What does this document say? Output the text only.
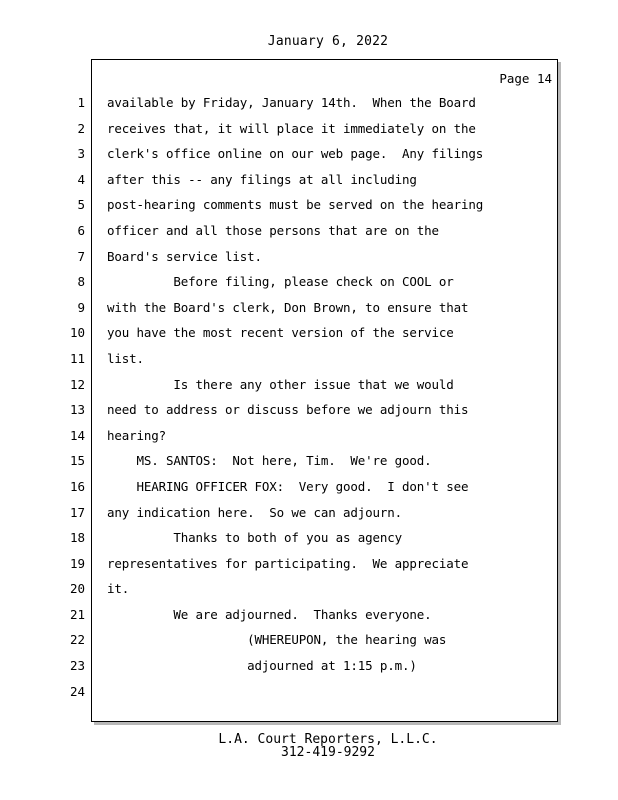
January 6, 2022
Page 14
1
2
3
4
5
6
7
8
9
10
11
12
13
14
15
16
17
18
19
20
21
22
23
24
available by Friday, January 14th.  When the Board
receives that, it will place it immediately on the
clerk's office online on our web page.  Any filings
after this -- any filings at all including
post-hearing comments must be served on the hearing
officer and all those persons that are on the
Board's service list.
Before filing, please check on COOL or
with the Board's clerk, Don Brown, to ensure that
you have the most recent version of the service
list.
Is there any other issue that we would
need to address or discuss before we adjourn this
hearing?
MS. SANTOS:  Not here, Tim.  We're good.
HEARING OFFICER FOX:  Very good.  I don't see
any indication here.  So we can adjourn.
Thanks to both of you as agency
representatives for participating.  We appreciate
it.
We are adjourned.  Thanks everyone.
(WHEREUPON, the hearing was
adjourned at 1:15 p.m.)
L.A. Court Reporters, L.L.C.
312-419-9292
